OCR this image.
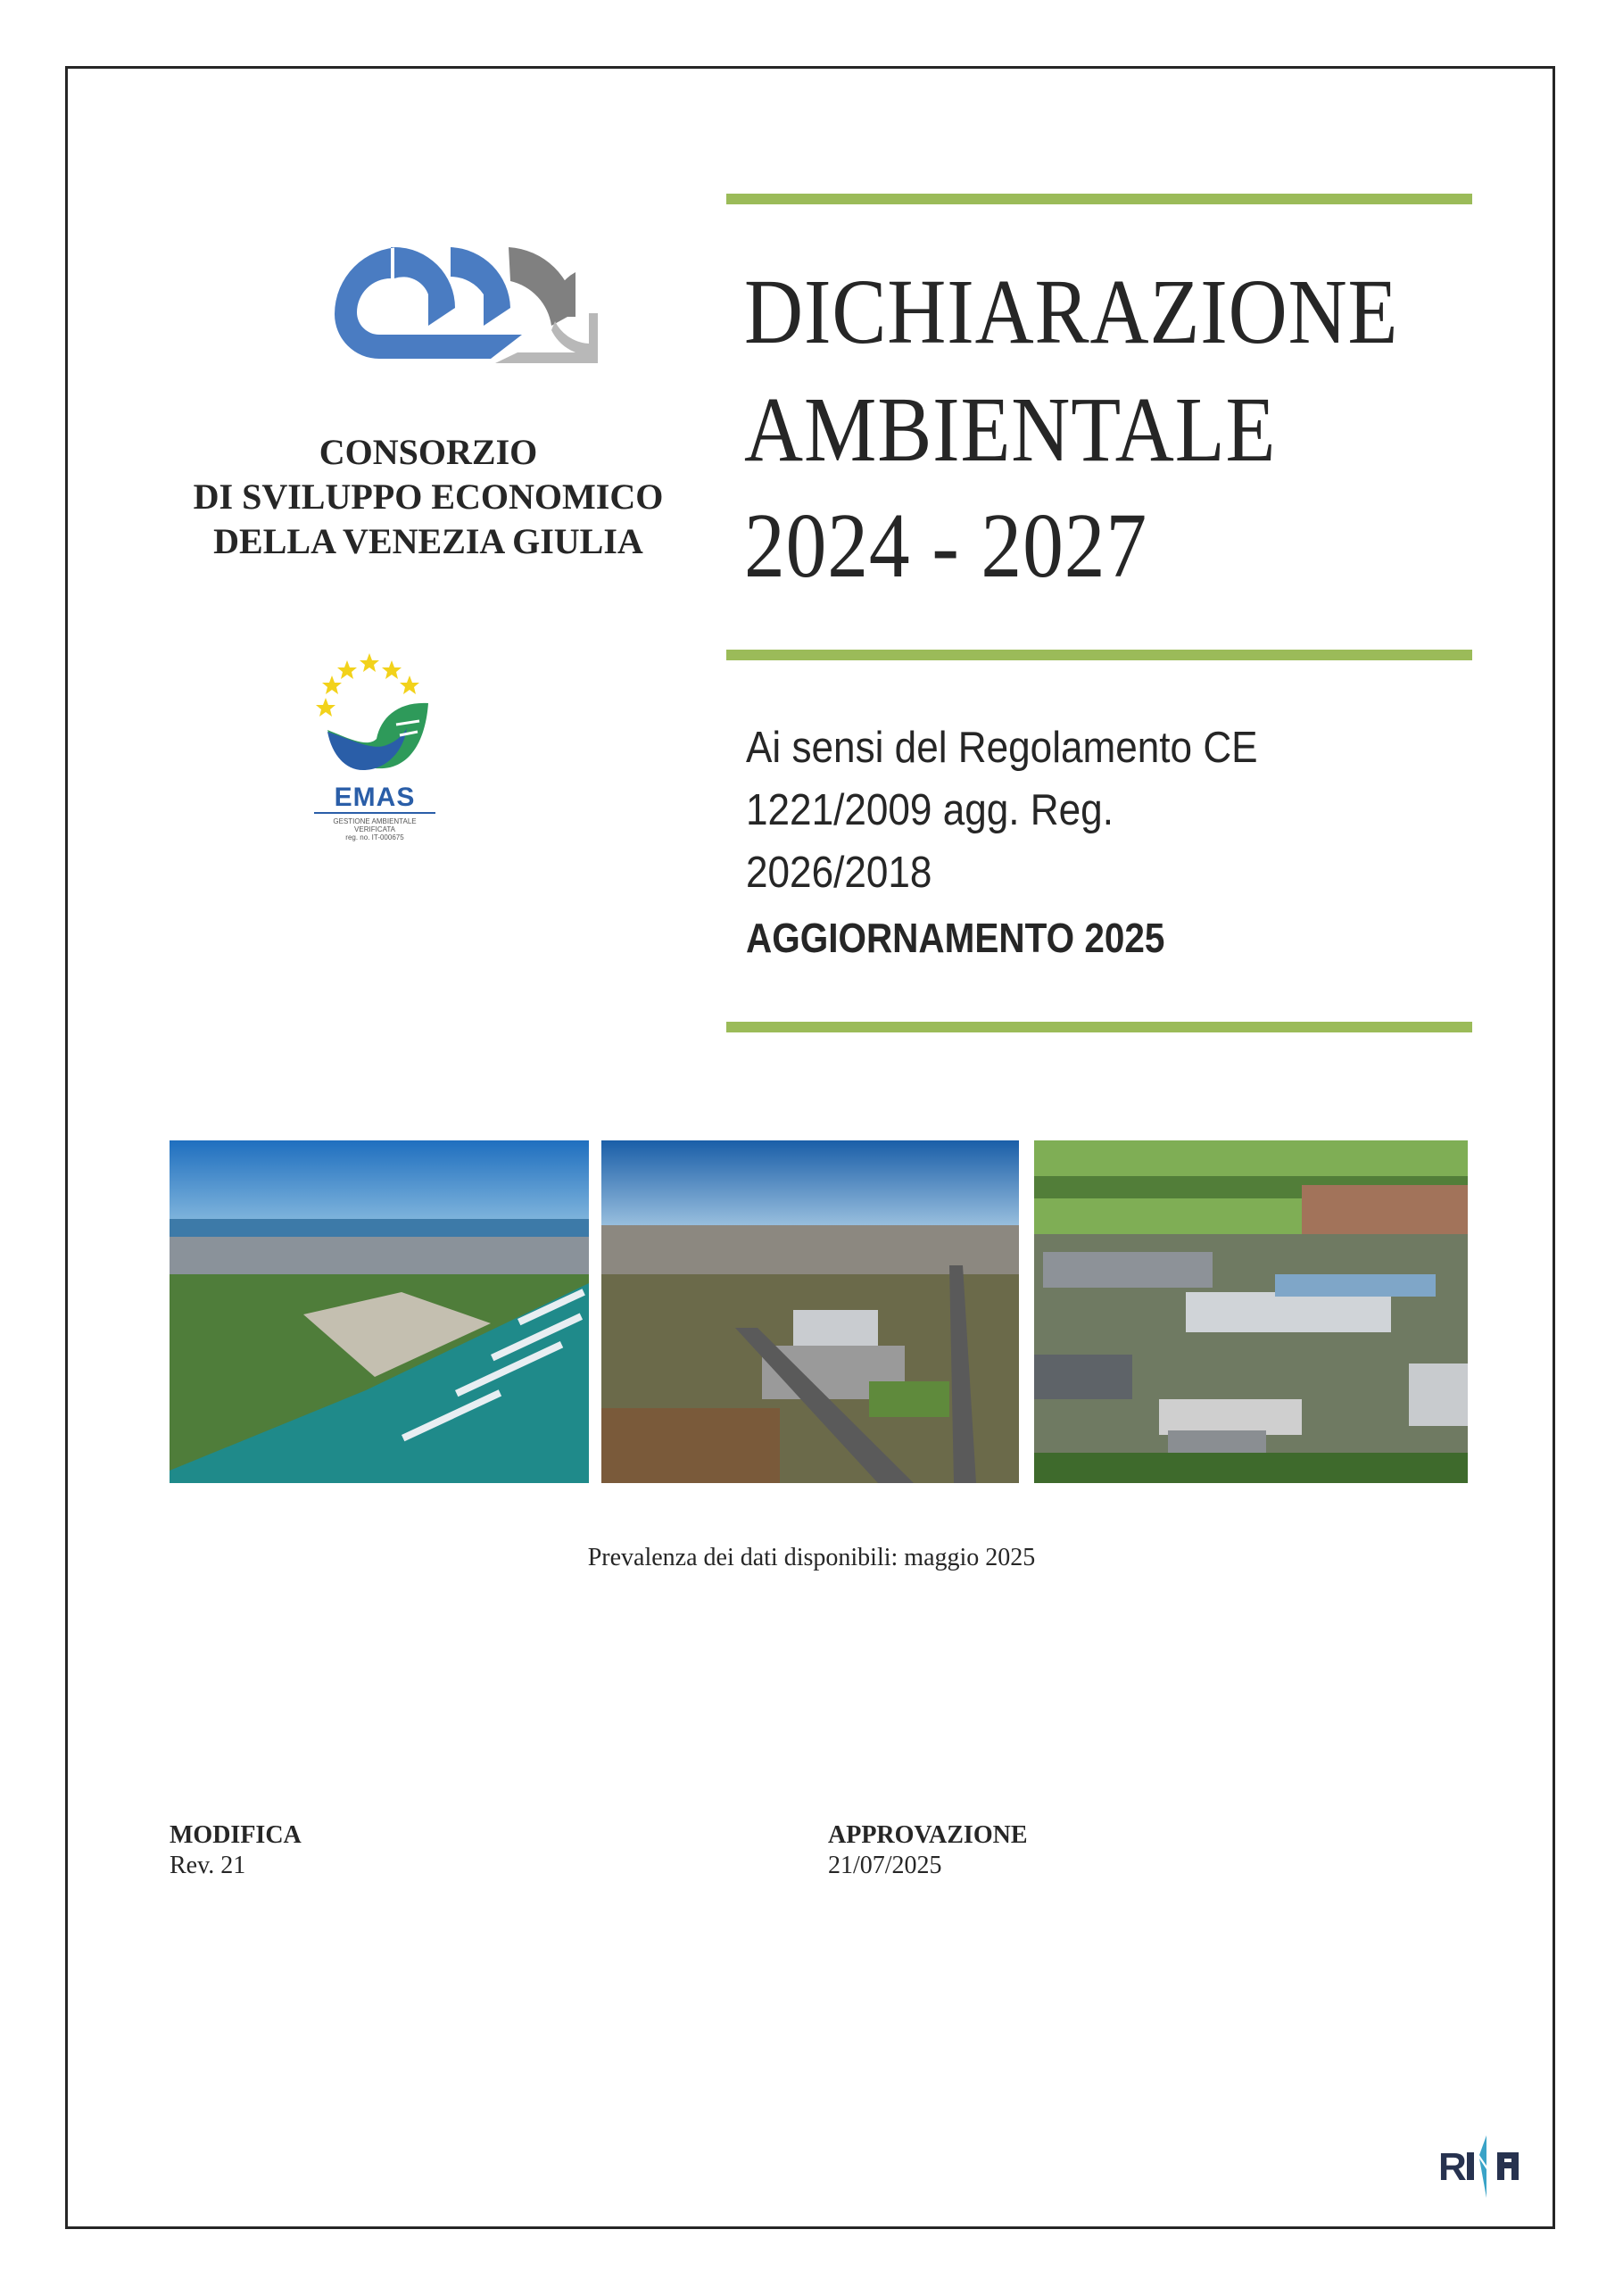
CONSORZIO
DI SVILUPPO ECONOMICO
DELLA VENEZIA GIULIA
EMAS
GESTIONE AMBIENTALE
VERIFICATA
reg. no. IT-000675
DICHIARAZIONE
AMBIENTALE
2024 - 2027
Ai sensi del Regolamento CE
1221/2009 agg. Reg.
2026/2018
AGGIORNAMENTO 2025
Prevalenza dei dati disponibili: maggio 2025
MODIFICA
Rev. 21
APPROVAZIONE
21/07/2025
R
